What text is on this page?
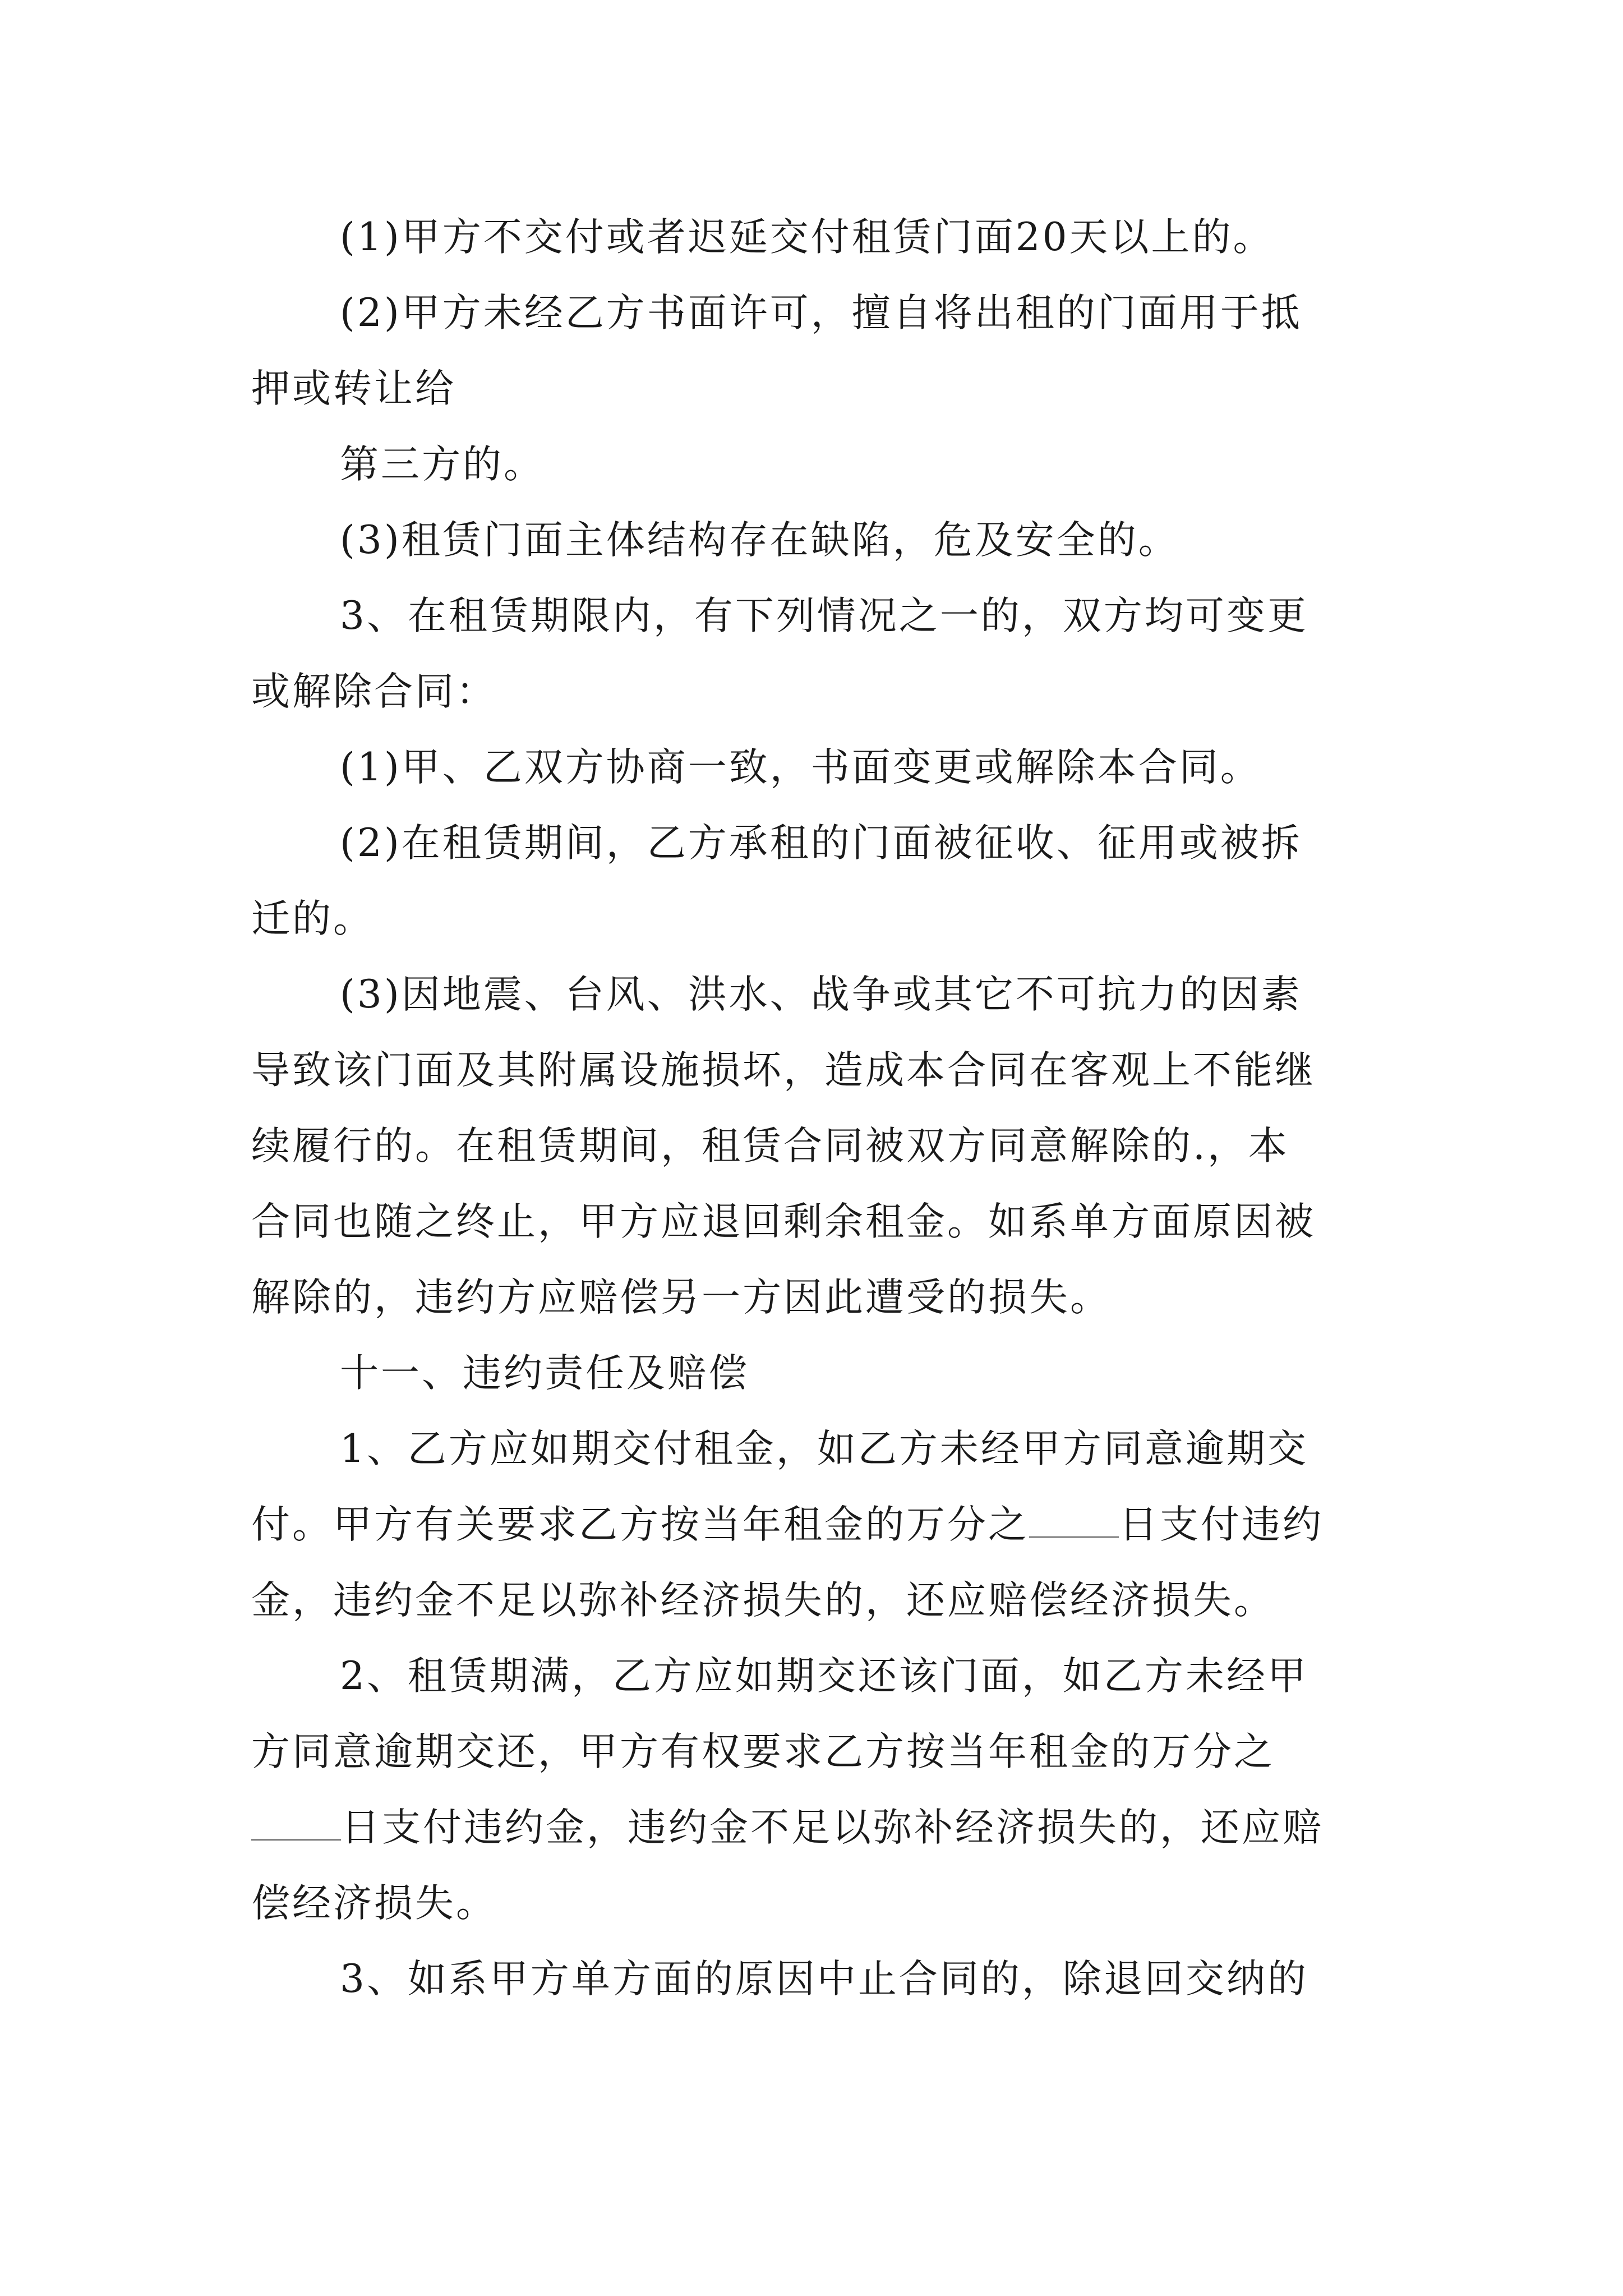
(1)甲方不交付或者迟延交付租赁门面20天以上的。
(2)甲方未经乙方书面许可，擅自将出租的门面用于抵
押或转让给
第三方的。
(3)租赁门面主体结构存在缺陷，危及安全的。
3、在租赁期限内，有下列情况之一的，双方均可变更
或解除合同：
(1)甲、乙双方协商一致，书面变更或解除本合同。
(2)在租赁期间，乙方承租的门面被征收、征用或被拆
迁的。
(3)因地震、台风、洪水、战争或其它不可抗力的因素
导致该门面及其附属设施损坏，造成本合同在客观上不能继
续履行的。在租赁期间，租赁合同被双方同意解除的.，本
合同也随之终止，甲方应退回剩余租金。如系单方面原因被
解除的，违约方应赔偿另一方因此遭受的损失。
十一、违约责任及赔偿
1、乙方应如期交付租金，如乙方未经甲方同意逾期交
付。甲方有关要求乙方按当年租金的万分之 日支付违约
金，违约金不足以弥补经济损失的，还应赔偿经济损失。
2、租赁期满，乙方应如期交还该门面，如乙方未经甲
方同意逾期交还，甲方有权要求乙方按当年租金的万分之
日支付违约金，违约金不足以弥补经济损失的，还应赔
偿经济损失。
3、如系甲方单方面的原因中止合同的，除退回交纳的
